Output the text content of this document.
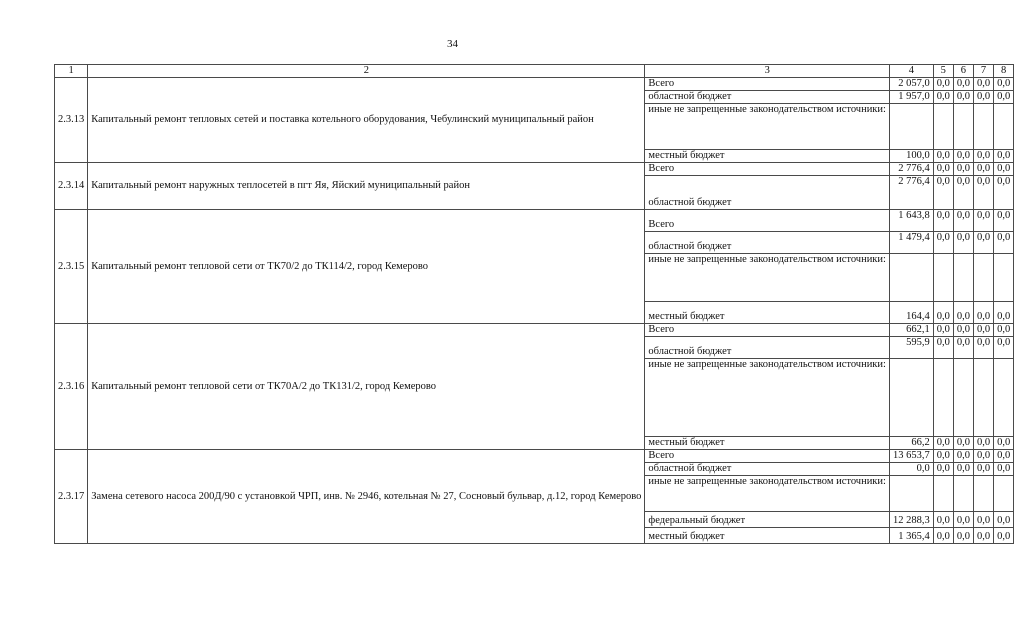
34
1	2	3	4	5	6	7	8
2.3.13	Капитальный ремонт тепловых сетей и поставка котельного оборудования, Чебулинский муниципальный район	Всего	2 057,0	0,0	0,0	0,0	0,0
		областной бюджет	1 957,0	0,0	0,0	0,0	0,0
		иные не запрещенные законодательством источники:					
		местный бюджет	100,0	0,0	0,0	0,0	0,0
2.3.14	Капитальный ремонт наружных теплосетей в пгт Яя, Яйский муниципальный район	Всего	2 776,4	0,0	0,0	0,0	0,0
		областной бюджет	2 776,4	0,0	0,0	0,0	0,0
2.3.15	Капитальный ремонт тепловой сети от ТК70/2 до ТК114/2, город Кемерово	Всего	1 643,8	0,0	0,0	0,0	0,0
		областной бюджет	1 479,4	0,0	0,0	0,0	0,0
		иные не запрещенные законодательством источники:					
		местный бюджет	164,4	0,0	0,0	0,0	0,0
2.3.16	Капитальный ремонт тепловой сети от ТК70А/2 до ТК131/2, город Кемерово	Всего	662,1	0,0	0,0	0,0	0,0
		областной бюджет	595,9	0,0	0,0	0,0	0,0
		иные не запрещенные законодательством источники:					
		местный бюджет	66,2	0,0	0,0	0,0	0,0
2.3.17	Замена сетевого насоса 200Д/90 с установкой ЧРП, инв. № 2946, котельная № 27, Сосновый бульвар, д.12, город Кемерово	Всего	13 653,7	0,0	0,0	0,0	0,0
		областной бюджет	0,0	0,0	0,0	0,0	0,0
		иные не запрещенные законодательством источники:					
		федеральный бюджет	12 288,3	0,0	0,0	0,0	0,0
		местный бюджет	1 365,4	0,0	0,0	0,0	0,0
